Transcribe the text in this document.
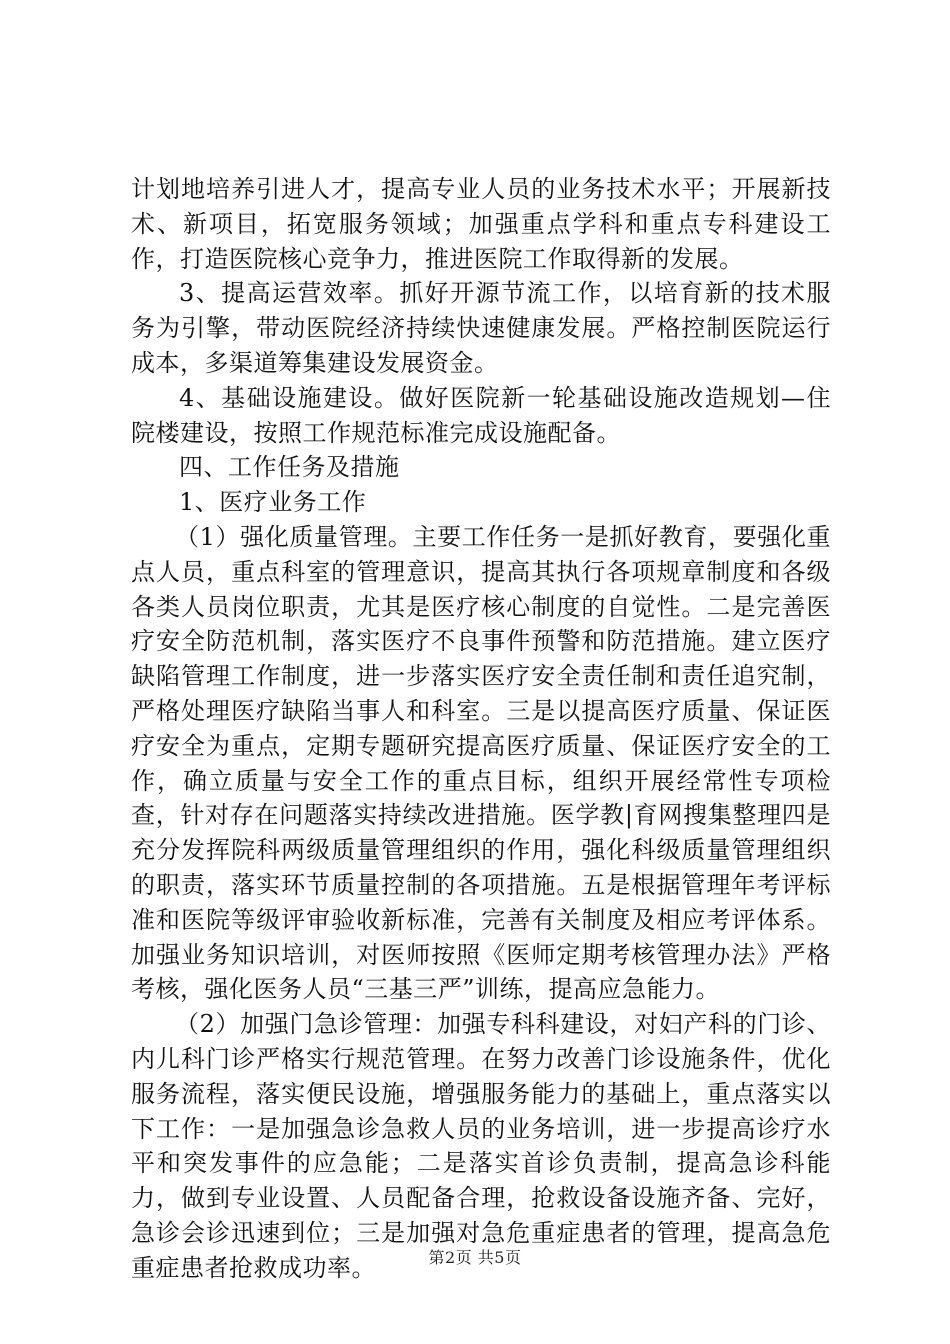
计划地培养引进人才，提高专业人员的业务技术水平；开展新技术、新项目，拓宽服务领域；加强重点学科和重点专科建设工作，打造医院核心竞争力，推进医院工作取得新的发展。

3、提高运营效率。抓好开源节流工作，以培育新的技术服务为引擎，带动医院经济持续快速健康发展。严格控制医院运行成本，多渠道筹集建设发展资金。

4、基础设施建设。做好医院新一轮基础设施改造规划—住院楼建设，按照工作规范标准完成设施配备。

四、工作任务及措施

1、医疗业务工作

（1）强化质量管理。主要工作任务一是抓好教育，要强化重点人员，重点科室的管理意识，提高其执行各项规章制度和各级各类人员岗位职责，尤其是医疗核心制度的自觉性。二是完善医疗安全防范机制，落实医疗不良事件预警和防范措施。建立医疗缺陷管理工作制度，进一步落实医疗安全责任制和责任追究制，严格处理医疗缺陷当事人和科室。三是以提高医疗质量、保证医疗安全为重点，定期专题研究提高医疗质量、保证医疗安全的工作，确立质量与安全工作的重点目标，组织开展经常性专项检查，针对存在问题落实持续改进措施。医学教|育网搜集整理四是充分发挥院科两级质量管理组织的作用，强化科级质量管理组织的职责，落实环节质量控制的各项措施。五是根据管理年考评标准和医院等级评审验收新标准，完善有关制度及相应考评体系。加强业务知识培训，对医师按照《医师定期考核管理办法》严格考核，强化医务人员“三基三严”训练，提高应急能力。

（2）加强门急诊管理：加强专科科建设，对妇产科的门诊、内儿科门诊严格实行规范管理。在努力改善门诊设施条件，优化服务流程，落实便民设施，增强服务能力的基础上，重点落实以下工作：一是加强急诊急救人员的业务培训，进一步提高诊疗水平和突发事件的应急能；二是落实首诊负责制，提高急诊科能力，做到专业设置、人员配备合理，抢救设备设施齐备、完好，急诊会诊迅速到位；三是加强对急危重症患者的管理，提高急危重症患者抢救成功率。	第2页 共5页
